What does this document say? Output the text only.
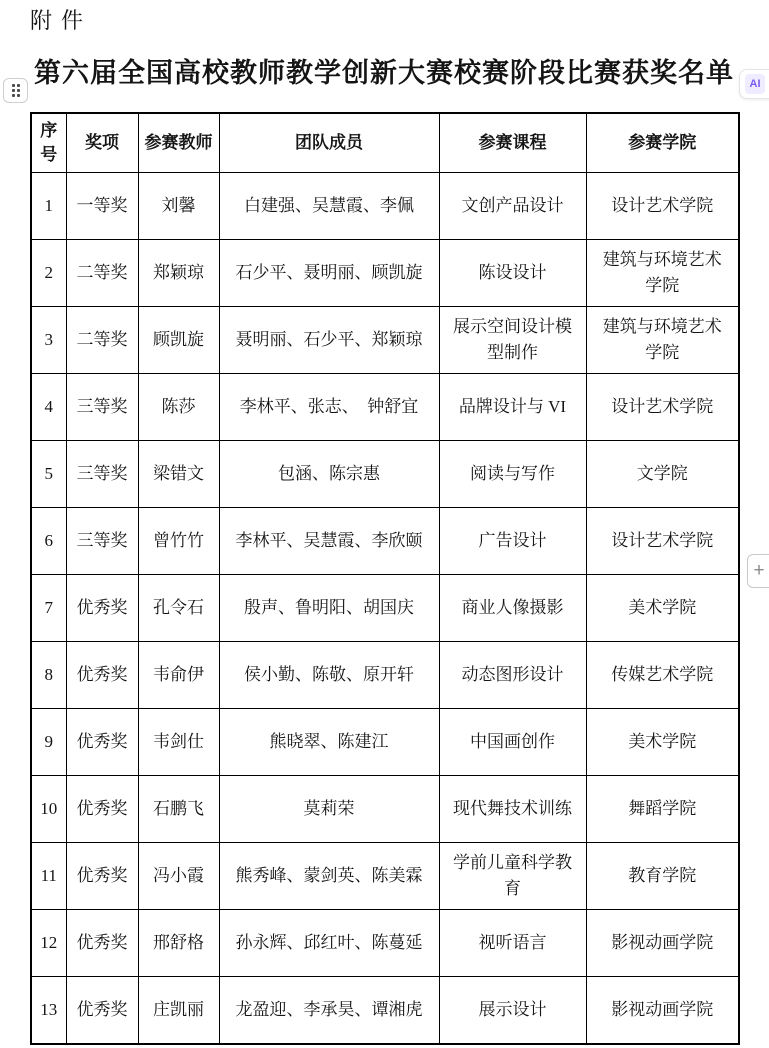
附件
第六届全国高校教师教学创新大赛校赛阶段比赛获奖名单
序号	奖项	参赛教师	团队成员	参赛课程	参赛学院
1	一等奖	刘馨	白建强、吴慧霞、李佩	文创产品设计	设计艺术学院
2	二等奖	郑颖琼	石少平、聂明丽、顾凯旋	陈设设计	建筑与环境艺术学院
3	二等奖	顾凯旋	聂明丽、石少平、郑颖琼	展示空间设计模型制作	建筑与环境艺术学院
4	三等奖	陈莎	李林平、张志、　钟舒宜	品牌设计与 VI	设计艺术学院
5	三等奖	梁错文	包涵、陈宗惠	阅读与写作	文学院
6	三等奖	曾竹竹	李林平、吴慧霞、李欣颐	广告设计	设计艺术学院
7	优秀奖	孔令石	殷声、鲁明阳、胡国庆	商业人像摄影	美术学院
8	优秀奖	韦俞伊	侯小勤、陈敬、原开轩	动态图形设计	传媒艺术学院
9	优秀奖	韦剑仕	熊晓翠、陈建江	中国画创作	美术学院
10	优秀奖	石鹏飞	莫莉荣	现代舞技术训练	舞蹈学院
11	优秀奖	冯小霞	熊秀峰、蒙剑英、陈美霖	学前儿童科学教育	教育学院
12	优秀奖	邢舒格	孙永辉、邱红叶、陈蔓延	视听语言	影视动画学院
13	优秀奖	庄凯丽	龙盈迎、李承昊、谭湘虎	展示设计	影视动画学院
AI
+
